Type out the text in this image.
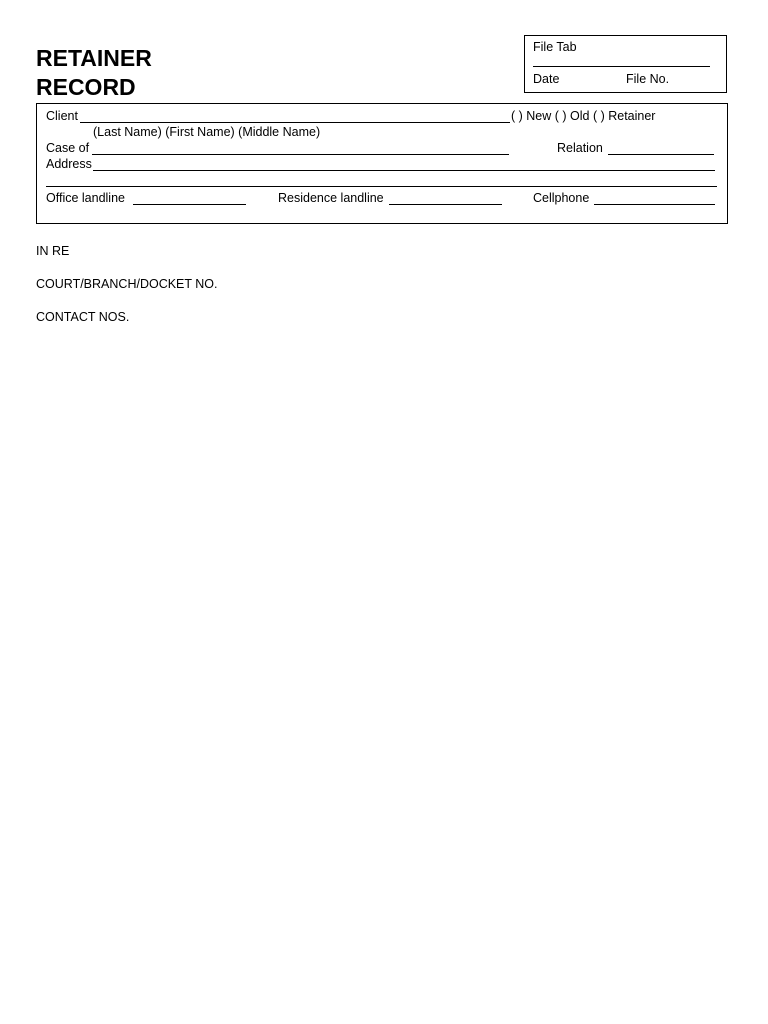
RETAINER
RECORD
File Tab
Date	File No.
Client	( ) New ( ) Old ( ) Retainer
(Last Name) (First Name) (Middle Name)
Case of	Relation
Address
Office landline	Residence landline	Cellphone
IN RE
COURT/BRANCH/DOCKET NO.
CONTACT NOS.
